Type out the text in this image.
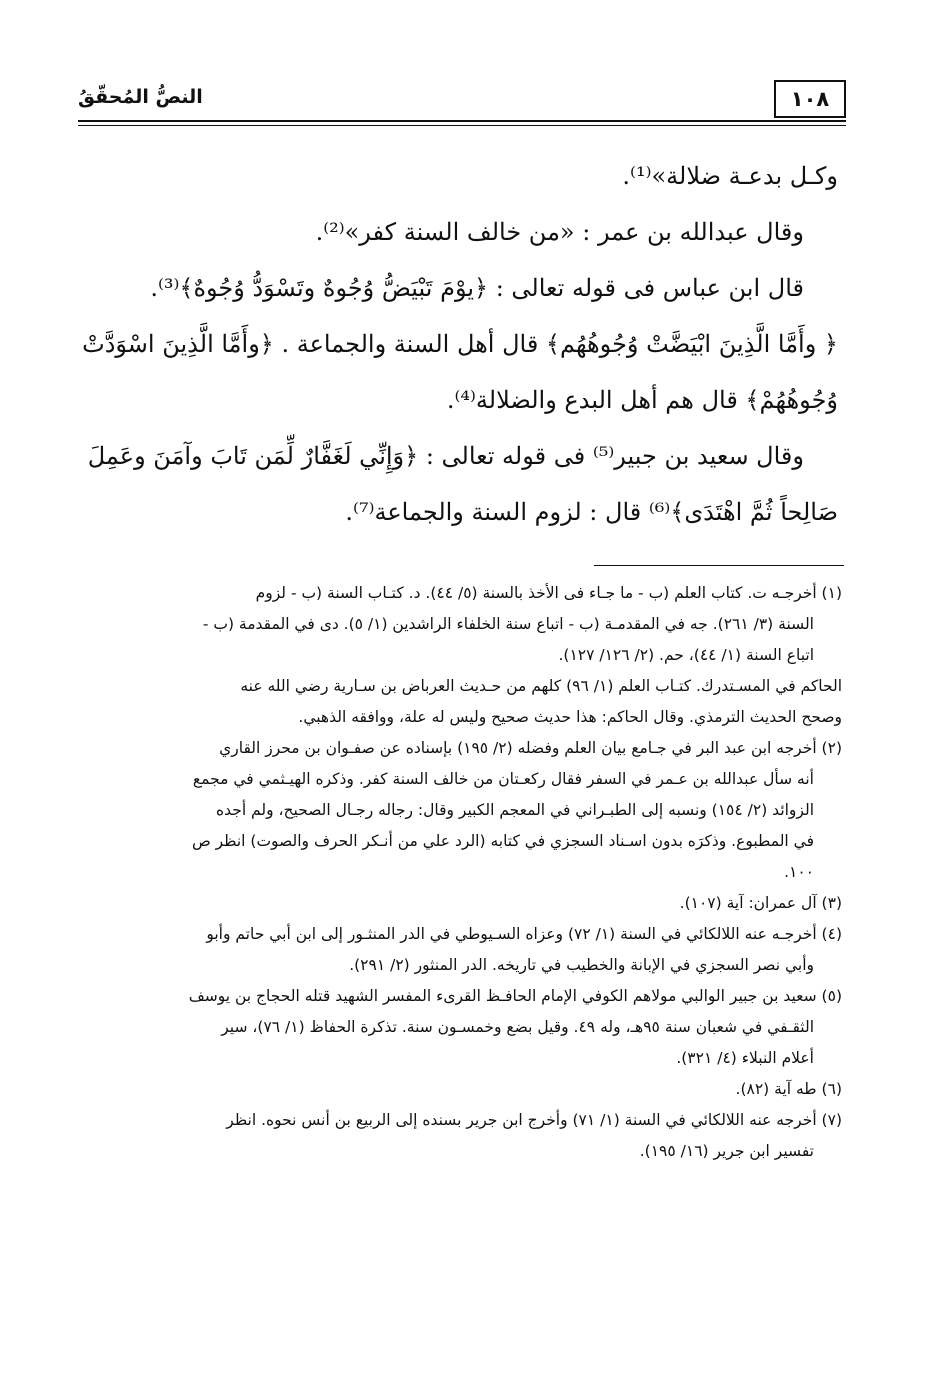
١٠٨
النصُّ المُحقّقُ

وكـل بدعـة ضلالة»⁽¹⁾.

وقال عبدالله بن عمر : «من خالف السنة كفر»⁽²⁾.

قال ابن عباس فى قوله تعالى : ﴿يوْمَ تَبْيَضُّ وُجُوهٌ وتَسْوَدُّ وُجُوهٌ﴾⁽³⁾.

﴿ وأَمَّا الَّذِينَ ابْيَضَّتْ وُجُوهُهُم﴾ قال أهل السنة والجماعة . ﴿وأَمَّا الَّذِينَ اسْوَدَّتْ

وُجُوهُهُمْ﴾ قال هم أهل البدع والضلالة⁽⁴⁾.

وقال سعيد بن جبير⁽⁵⁾ فى قوله تعالى : ﴿وَإِنِّي لَغَفَّارٌ لِّمَن تَابَ وآمَنَ وعَمِلَ

صَالِحاً ثُمَّ اهْتَدَى﴾⁽⁶⁾ قال : لزوم السنة والجماعة⁽⁷⁾.

(١) أخرجـه ت. كتاب العلم (ب - ما جـاء فى الأخذ بالسنة (٥/ ٤٤). د. كتـاب السنة (ب - لزوم
السنة (٣/ ٢٦١). جه في المقدمـة (ب - اتباع سنة الخلفاء الراشدين (١/ ٥). دى في المقدمة (ب -
اتباع السنة (١/ ٤٤)، حم. (٢/ ١٢٦/ ١٢٧).
الحاكم في المسـتدرك. كتـاب العلم (١/ ٩٦) كلهم من حـديث العرباض بن سـارية رضي الله عنه
وصحح الحديث الترمذي. وقال الحاكم: هذا حديث صحيح وليس له علة، ووافقه الذهبي.
(٢) أخرجه ابن عبد البر في جـامع بيان العلم وفضله (٢/ ١٩٥) بإسناده عن صفـوان بن محرز القاري
أنه سأل عبدالله بن عـمر في السفر فقال ركعـتان من خالف السنة كفر. وذكره الهيـثمي في مجمع
الزوائد (٢/ ١٥٤) ونسبه إلى الطبـراني في المعجم الكبير وقال: رجاله رجـال الصحيح، ولم أجده
في المطبوع. وذكرَه بدون اسـناد السجزي في كتابه (الرد علي من أنـكر الحرف والصوت) انظر ص
١٠٠.
(٣) آل عمران: آية (١٠٧).
(٤) أخرجـه عنه اللالكائي في السنة (١/ ٧٢) وعزاه السـيوطي في الدر المنثـور إلى ابن أبي حاتم وأبو
وأبي نصر السجزي في الإبانة والخطيب في تاريخه. الدر المنثور (٢/ ٢٩١).
(٥) سعيد بن جبير الوالبي مولاهم الكوفي الإمام الحافـظ القرىء المفسر الشهيد قتله الحجاج بن يوسف
الثقـفي في شعبان سنة ٩٥هـ، وله ٤٩. وقيل بضع وخمسـون سنة. تذكرة الحفاظ (١/ ٧٦)، سير
أعلام النبلاء (٤/ ٣٢١).
(٦) طه آية (٨٢).
(٧) أخرجه عنه اللالكائي في السنة (١/ ٧١) وأخرج ابن جرير بسنده إلى الربيع بن أنس نحوه. انظر
تفسير ابن جرير (١٦/ ١٩٥).
